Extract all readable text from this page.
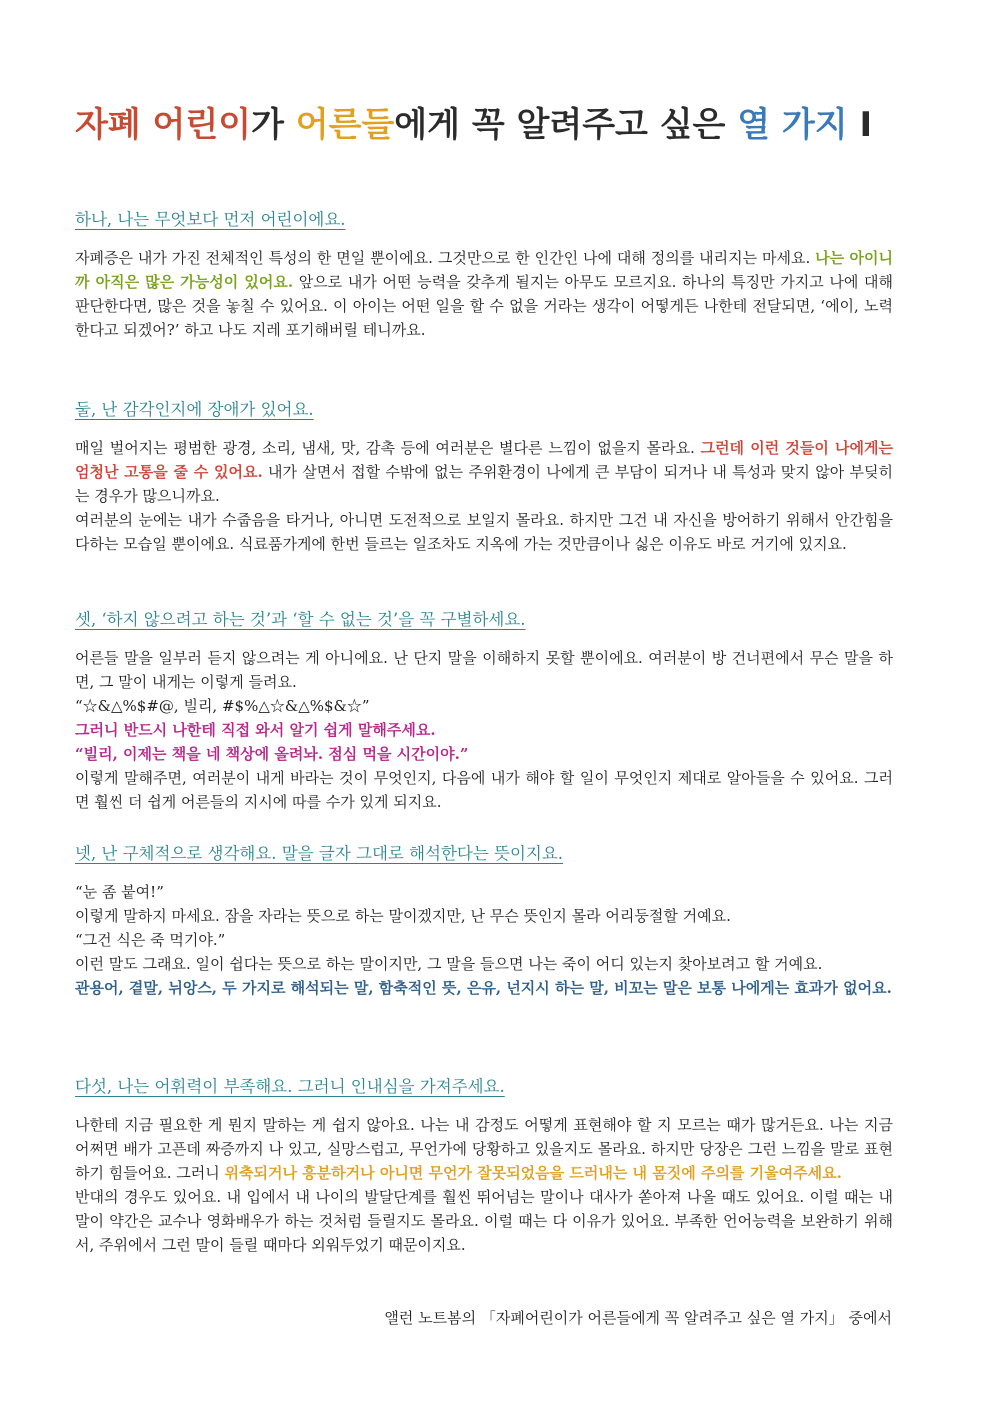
자폐 어린이가 어른들에게 꼭 알려주고 싶은 열 가지 Ⅰ
하나, 나는 무엇보다 먼저 어린이에요.

자폐증은 내가 가진 전체적인 특성의 한 면일 뿐이에요. 그것만으로 한 인간인 나에 대해 정의를 내리지는 마세요. 나는 아이니까 아직은 많은 가능성이 있어요. 앞으로 내가 어떤 능력을 갖추게 될지는 아무도 모르지요. 하나의 특징만 가지고 나에 대해 판단한다면, 많은 것을 놓칠 수 있어요. 이 아이는 어떤 일을 할 수 없을 거라는 생각이 어떻게든 나한테 전달되면, ‘에이, 노력한다고 되겠어?’ 하고 나도 지레 포기해버릴 테니까요.

둘, 난 감각인지에 장애가 있어요.

매일 벌어지는 평범한 광경, 소리, 냄새, 맛, 감촉 등에 여러분은 별다른 느낌이 없을지 몰라요. 그런데 이런 것들이 나에게는 엄청난 고통을 줄 수 있어요. 내가 살면서 접할 수밖에 없는 주위환경이 나에게 큰 부담이 되거나 내 특성과 맞지 않아 부딪히는 경우가 많으니까요.

여러분의 눈에는 내가 수줍음을 타거나, 아니면 도전적으로 보일지 몰라요. 하지만 그건 내 자신을 방어하기 위해서 안간힘을 다하는 모습일 뿐이에요. 식료품가게에 한번 들르는 일조차도 지옥에 가는 것만큼이나 싫은 이유도 바로 거기에 있지요.

셋, ‘하지 않으려고 하는 것’과 ‘할 수 없는 것’을 꼭 구별하세요.

어른들 말을 일부러 듣지 않으려는 게 아니에요. 난 단지 말을 이해하지 못할 뿐이에요. 여러분이 방 건너편에서 무슨 말을 하면, 그 말이 내게는 이렇게 들려요.

“☆&△%$#@, 빌리, #$%△☆&△%$&☆”

그러니 반드시 나한테 직접 와서 알기 쉽게 말해주세요.

“빌리, 이제는 책을 네 책상에 올려놔. 점심 먹을 시간이야.”

이렇게 말해주면, 여러분이 내게 바라는 것이 무엇인지, 다음에 내가 해야 할 일이 무엇인지 제대로 알아들을 수 있어요. 그러면 훨씬 더 쉽게 어른들의 지시에 따를 수가 있게 되지요.

넷, 난 구체적으로 생각해요. 말을 글자 그대로 해석한다는 뜻이지요.

“눈 좀 붙여!”

이렇게 말하지 마세요. 잠을 자라는 뜻으로 하는 말이겠지만, 난 무슨 뜻인지 몰라 어리둥절할 거예요.

“그건 식은 죽 먹기야.”

이런 말도 그래요. 일이 쉽다는 뜻으로 하는 말이지만, 그 말을 들으면 나는 죽이 어디 있는지 찾아보려고 할 거예요.

관용어, 곁말, 뉘앙스, 두 가지로 해석되는 말, 함축적인 뜻, 은유, 넌지시 하는 말, 비꼬는 말은 보통 나에게는 효과가 없어요.

다섯, 나는 어휘력이 부족해요. 그러니 인내심을 가져주세요.

나한테 지금 필요한 게 뭔지 말하는 게 쉽지 않아요. 나는 내 감정도 어떻게 표현해야 할 지 모르는 때가 많거든요. 나는 지금 어쩌면 배가 고픈데 짜증까지 나 있고, 실망스럽고, 무언가에 당황하고 있을지도 몰라요. 하지만 당장은 그런 느낌을 말로 표현하기 힘들어요. 그러니 위축되거나 흥분하거나 아니면 무언가 잘못되었음을 드러내는 내 몸짓에 주의를 기울여주세요.

반대의 경우도 있어요. 내 입에서 내 나이의 발달단계를 훨씬 뛰어넘는 말이나 대사가 쏟아져 나올 때도 있어요. 이럴 때는 내 말이 약간은 교수나 영화배우가 하는 것처럼 들릴지도 몰라요. 이럴 때는 다 이유가 있어요. 부족한 언어능력을 보완하기 위해서, 주위에서 그런 말이 들릴 때마다 외워두었기 때문이지요.

앨런 노트봄의 「자폐어린이가 어른들에게 꼭 알려주고 싶은 열 가지」 중에서
